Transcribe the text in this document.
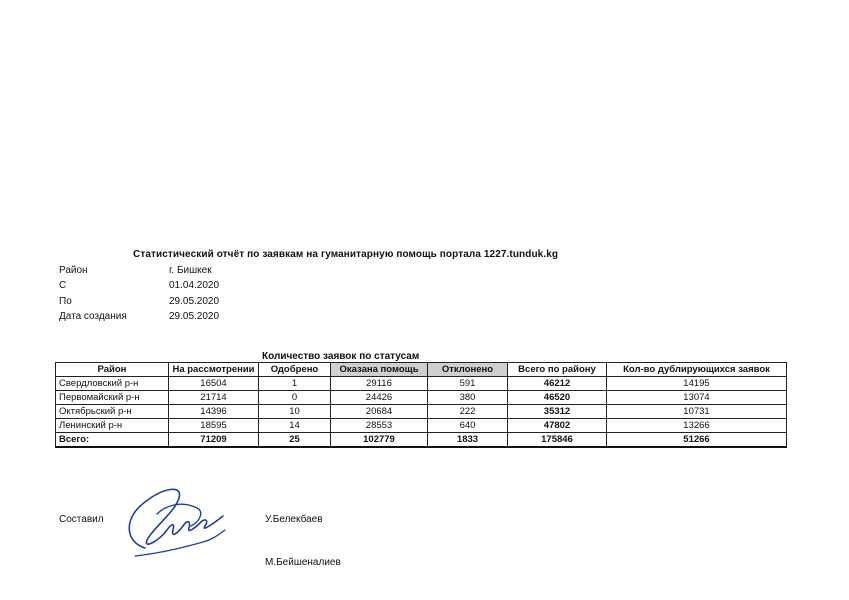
Статистический отчёт по заявкам на гуманитарную помощь портала 1227.tunduk.kg
Район	г. Бишкек
С	01.04.2020
По	29.05.2020
Дата создания	29.05.2020
Количество заявок по статусам
Район	На рассмотрении	Одобрено	Оказана помощь	Отклонено	Всего по району	Кол-во дублирующихся заявок
Свердловский р-н	16504	1	29116	591	46212	14195
Первомайский р-н	21714	0	24426	380	46520	13074
Октябрьский р-н	14396	10	20684	222	35312	10731
Ленинский р-н	18595	14	28553	640	47802	13266
Всего:	71209	25	102779	1833	175846	51266
Составил	У.Белекбаев
М.Бейшеналиев
